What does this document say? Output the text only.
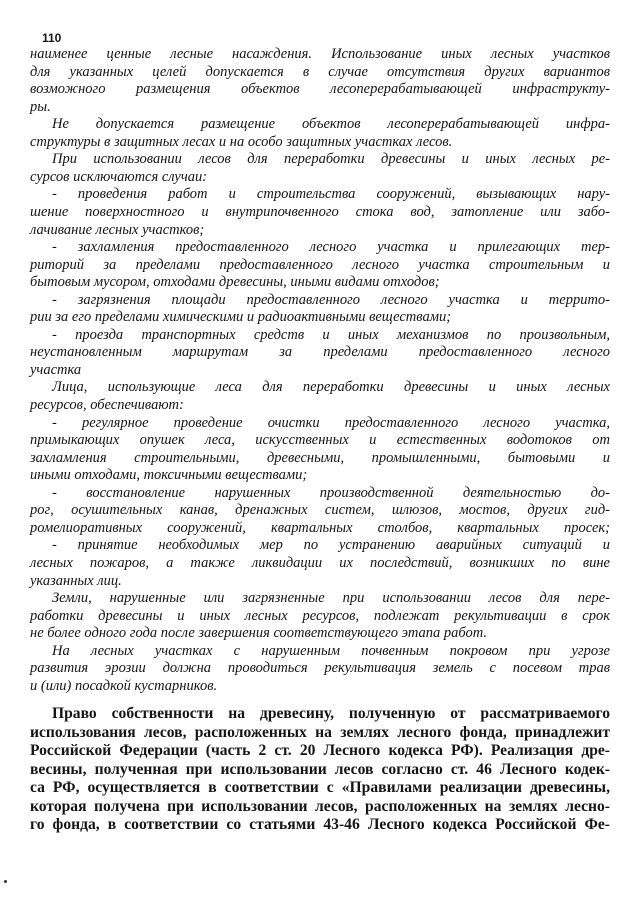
110
наименее ценные лесные насаждения. Использование иных лесных участков
для указанных целей допускается в случае отсутствия других вариантов
возможного размещения объектов лесоперерабатывающей инфраструкту-
ры.
Не допускается размещение объектов лесоперерабатывающей инфра-
структуры в защитных лесах и на особо защитных участках лесов.
При использовании лесов для переработки древесины и иных лесных ре-
сурсов исключаются случаи:
- проведения работ и строительства сооружений, вызывающих нару-
шение поверхностного и внутрипочвенного стока вод, затопление или забо-
лачивание лесных участков;
- захламления предоставленного лесного участка и прилегающих тер-
риторий за пределами предоставленного лесного участка строительным и
бытовым мусором, отходами древесины, иными видами отходов;
- загрязнения площади предоставленного лесного участка и террито-
рии за его пределами химическими и радиоактивными веществами;
- проезда транспортных средств и иных механизмов по произвольным,
неустановленным маршрутам за пределами предоставленного лесного
участка
Лица, использующие леса для переработки древесины и иных лесных
ресурсов, обеспечивают:
- регулярное проведение очистки предоставленного лесного участка,
примыкающих опушек леса, искусственных и естественных водотоков от
захламления строительными, древесными, промышленными, бытовыми и
иными отходами, токсичными веществами;
- восстановление нарушенных производственной деятельностью до-
рог, осушительных канав, дренажных систем, шлюзов, мостов, других гид-
ромелиоративных сооружений, квартальных столбов, квартальных просек;
- принятие необходимых мер по устранению аварийных ситуаций и
лесных пожаров, а также ликвидации их последствий, возникших по вине
указанных лиц.
Земли, нарушенные или загрязненные при использовании лесов для пере-
работки древесины и иных лесных ресурсов, подлежат рекультивации в срок
не более одного года после завершения соответствующего этапа работ.
На лесных участках с нарушенным почвенным покровом при угрозе
развития эрозии должна проводиться рекультивация земель с посевом трав
и (или) посадкой кустарников.
Право собственности на древесину, полученную от рассматриваемого
использования лесов, расположенных на землях лесного фонда, принадлежит
Российской Федерации (часть 2 ст. 20 Лесного кодекса РФ). Реализация дре-
весины, полученная при использовании лесов согласно ст. 46 Лесного кодек-
са РФ, осуществляется в соответствии с «Правилами реализации древесины,
которая получена при использовании лесов, расположенных на землях лесно-
го фонда, в соответствии со статьями 43-46 Лесного кодекса Российской Фе-
